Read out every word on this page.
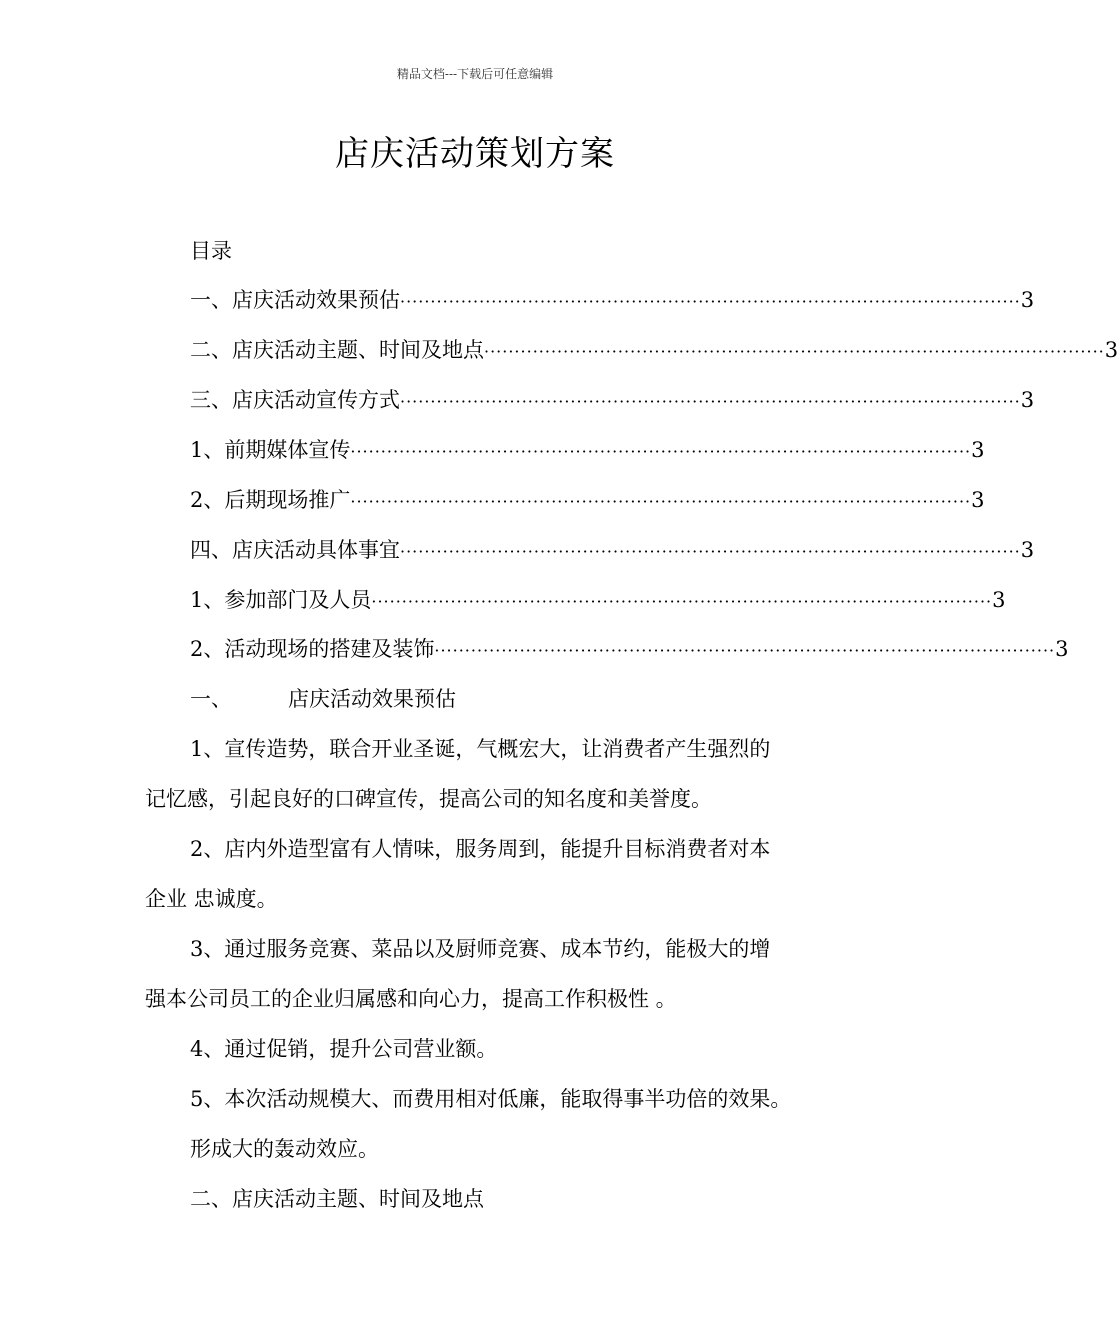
精品文档---下载后可任意编辑
店庆活动策划方案
目录
一、店庆活动效果预估 ······································································································ 3
二、店庆活动主题、时间及地点 ······································································································ 3
三、店庆活动宣传方式 ······································································································ 3
1、前期媒体宣传 ······································································································ 3
2、后期现场推广 ······································································································ 3
四、店庆活动具体事宜 ······································································································ 3
1、参加部门及人员 ······································································································ 3
2、活动现场的搭建及装饰 ······································································································ 3
一、	店庆活动效果预估
1、宣传造势，联合开业圣诞，气概宏大，让消费者产生强烈的
记忆感，引起良好的口碑宣传，提高公司的知名度和美誉度。
2、店内外造型富有人情味，服务周到，能提升目标消费者对本
企业 忠诚度。
3、通过服务竞赛、菜品以及厨师竞赛、成本节约，能极大的增
强本公司员工的企业归属感和向心力，提高工作积极性 。
4、通过促销，提升公司营业额。
5、本次活动规模大、而费用相对低廉，能取得事半功倍的效果。
形成大的轰动效应。
二、店庆活动主题、时间及地点
